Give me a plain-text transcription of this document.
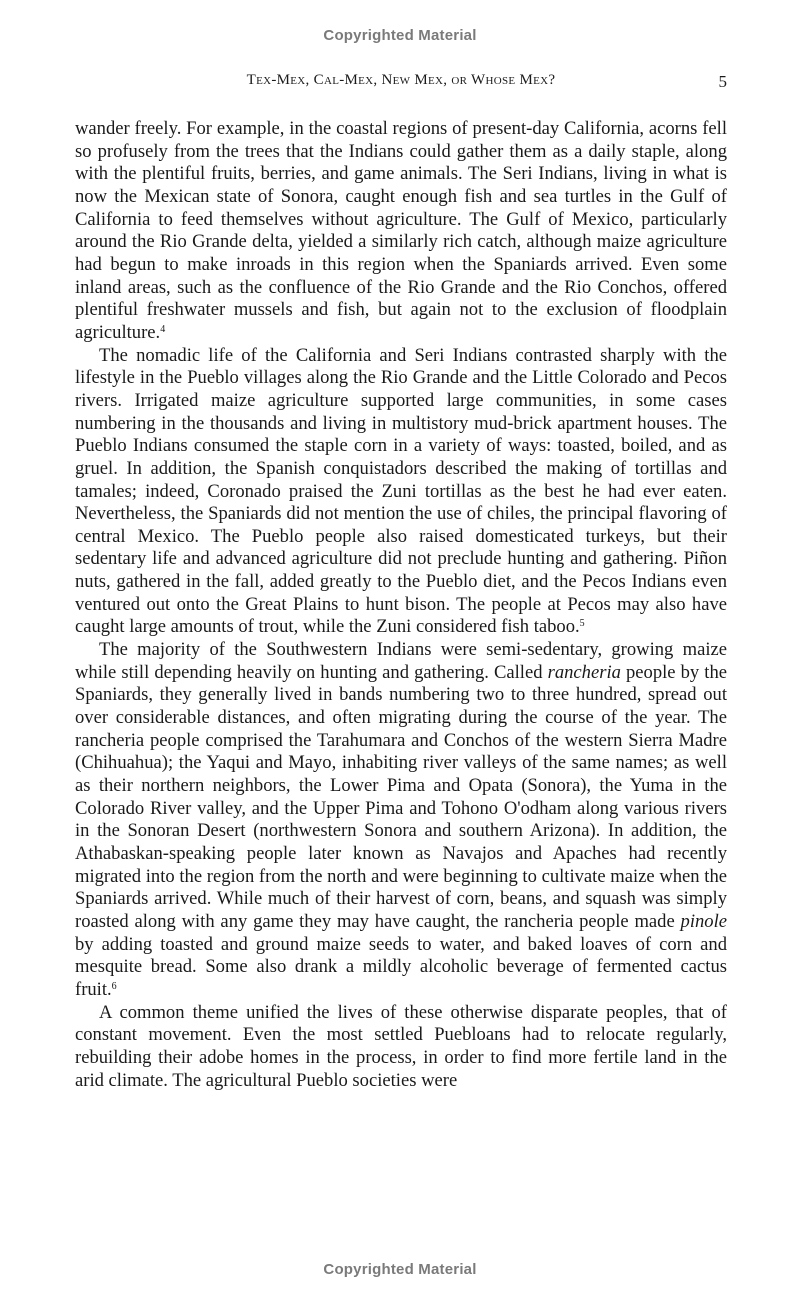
Copyrighted Material
Tex-Mex, Cal-Mex, New Mex, or Whose Mex?	5

wander freely. For example, in the coastal regions of present-day California, acorns fell so profusely from the trees that the Indians could gather them as a daily staple, along with the plentiful fruits, berries, and game animals. The Seri Indians, living in what is now the Mexican state of Sonora, caught enough fish and sea turtles in the Gulf of California to feed themselves without agriculture. The Gulf of Mexico, particularly around the Rio Grande delta, yielded a similarly rich catch, although maize agriculture had begun to make inroads in this region when the Spaniards arrived. Even some inland areas, such as the confluence of the Rio Grande and the Rio Conchos, offered plentiful freshwater mussels and fish, but again not to the exclusion of floodplain agriculture.$^4$

The nomadic life of the California and Seri Indians contrasted sharply with the lifestyle in the Pueblo villages along the Rio Grande and the Little Colorado and Pecos rivers. Irrigated maize agriculture supported large communities, in some cases numbering in the thousands and living in multistory mud-brick apartment houses. The Pueblo Indians consumed the staple corn in a variety of ways: toasted, boiled, and as gruel. In addition, the Spanish conquistadors described the making of tortillas and tamales; indeed, Coronado praised the Zuni tortillas as the best he had ever eaten. Nevertheless, the Spaniards did not mention the use of chiles, the principal flavoring of central Mexico. The Pueblo people also raised domesticated turkeys, but their sedentary life and advanced agriculture did not preclude hunting and gathering. Piñon nuts, gathered in the fall, added greatly to the Pueblo diet, and the Pecos Indians even ventured out onto the Great Plains to hunt bison. The people at Pecos may also have caught large amounts of trout, while the Zuni considered fish taboo.$^5$

The majority of the Southwestern Indians were semi-sedentary, growing maize while still depending heavily on hunting and gathering. Called rancheria people by the Spaniards, they generally lived in bands numbering two to three hundred, spread out over considerable distances, and often migrating during the course of the year. The rancheria people comprised the Tarahumara and Conchos of the western Sierra Madre (Chihuahua); the Yaqui and Mayo, inhabiting river valleys of the same names; as well as their northern neighbors, the Lower Pima and Opata (Sonora), the Yuma in the Colorado River valley, and the Upper Pima and Tohono O'odham along various rivers in the Sonoran Desert (northwestern Sonora and southern Arizona). In addition, the Athabaskan-speaking people later known as Navajos and Apaches had recently migrated into the region from the north and were beginning to cultivate maize when the Spaniards arrived. While much of their harvest of corn, beans, and squash was simply roasted along with any game they may have caught, the rancheria people made pinole by adding toasted and ground maize seeds to water, and baked loaves of corn and mesquite bread. Some also drank a mildly alcoholic beverage of fermented cactus fruit.$^6$

A common theme unified the lives of these otherwise disparate peoples, that of constant movement. Even the most settled Puebloans had to relocate regularly, rebuilding their adobe homes in the process, in order to find more fertile land in the arid climate. The agricultural Pueblo societies were

Copyrighted Material
